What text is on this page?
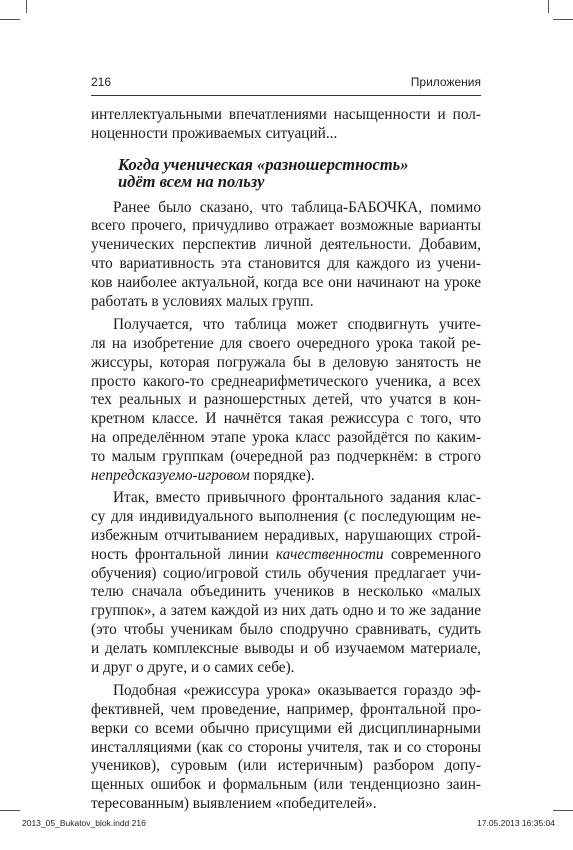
216	Приложения
интеллектуальными впечатлениями насыщенности и пол-
ноценности проживаемых ситуаций...
Ранее было сказано, что таблица-БАБОЧКА, помимо
всего прочего, причудливо отражает возможные варианты
ученических перспектив личной деятельности. Добавим,
что вариативность эта становится для каждого из учени-
ков наиболее актуальной, когда все они начинают на уроке
работать в условиях малых групп.
Получается, что таблица может сподвигнуть учите-
ля на изобретение для своего очередного урока такой ре-
жиссуры, которая погружала бы в деловую занятость не
просто какого-то среднеарифметического ученика, а всех
тех реальных и разношерстных детей, что учатся в кон-
кретном классе. И начнётся такая режиссура с того, что
на определённом этапе урока класс разойдётся по каким-
то малым группкам (очередной раз подчеркнём: в строго
непредсказуемо-игровом порядке).
Итак, вместо привычного фронтального задания клас-
су для индивидуального выполнения (с последующим не-
избежным отчитыванием нерадивых, нарушающих строй-
ность фронтальной линии качественности современного
обучения) социо/игровой стиль обучения предлагает учи-
телю сначала объединить учеников в несколько «малых
группок», а затем каждой из них дать одно и то же задание
(это чтобы ученикам было сподручно сравнивать, судить
и делать комплексные выводы и об изучаемом материале,
и друг о друге, и о самих себе).
Подобная «режиссура урока» оказывается гораздо эф-
фективней, чем проведение, например, фронтальной про-
верки со всеми обычно присущими ей дисциплинарными
инсталляциями (как со стороны учителя, так и со стороны
учеников), суровым (или истеричным) разбором допу-
щенных ошибок и формальным (или тенденциозно заин-
тересованным) выявлением «победителей».
Когда ученическая «разношерстность»
идёт всем на пользу
2013_05_Bukatov_blok.indd 216	17.05.2013 16:35:04
